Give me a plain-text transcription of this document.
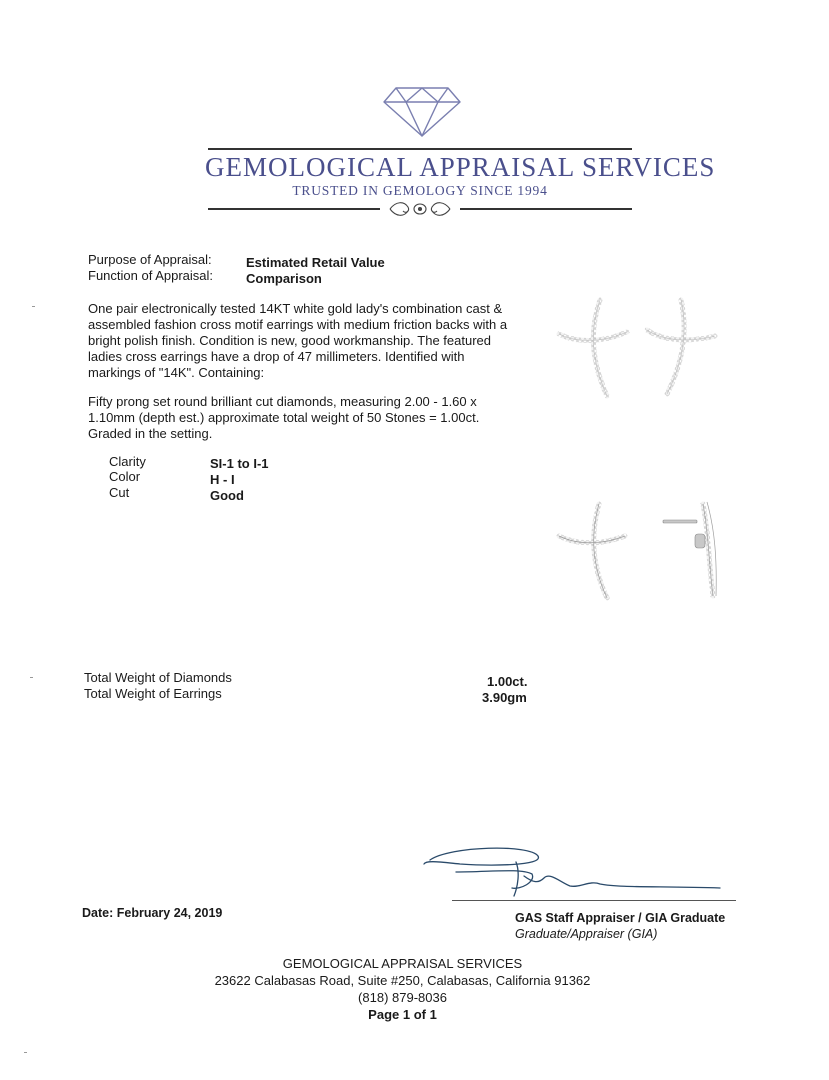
GEMOLOGICAL APPRAISAL SERVICES
TRUSTED IN GEMOLOGY SINCE 1994
Purpose of Appraisal:	Estimated Retail Value
Function of Appraisal:	Comparison
One pair electronically tested 14KT white gold lady's combination cast & assembled fashion cross motif earrings with medium friction backs with a bright polish finish. Condition is new, good workmanship. The featured ladies cross earrings have a drop of 47 millimeters. Identified with markings of "14K". Containing:
Fifty prong set round brilliant cut diamonds, measuring 2.00 - 1.60 x 1.10mm (depth est.) approximate total weight of 50 Stones = 1.00ct. Graded in the setting.
Clarity	SI-1 to I-1
Color	H - I
Cut	Good
Total Weight of Diamonds	1.00ct.
Total Weight of Earrings	3.90gm
Date: February 24, 2019	GAS Staff Appraiser / GIA Graduate
Graduate/Appraiser (GIA)
GEMOLOGICAL APPRAISAL SERVICES
23622 Calabasas Road, Suite #250, Calabasas, California 91362
(818) 879-8036
Page 1 of 1
